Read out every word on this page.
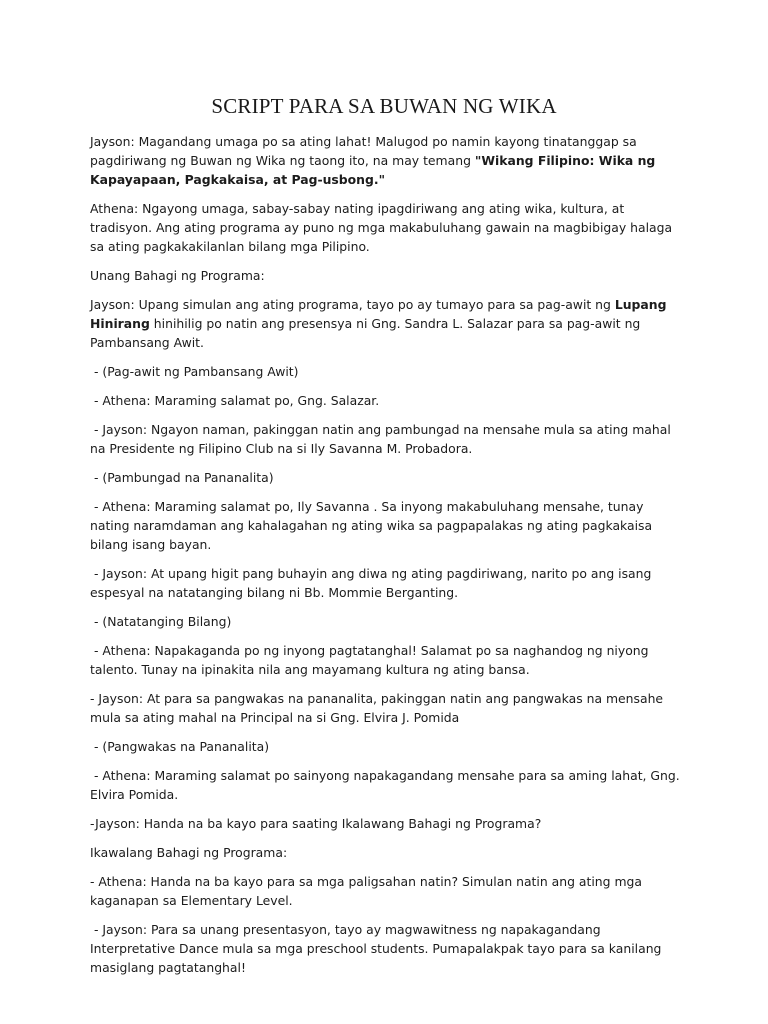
SCRIPT PARA SA BUWAN NG WIKA

Jayson: Magandang umaga po sa ating lahat! Malugod po namin kayong tinatanggap sa pagdiriwang ng Buwan ng Wika ng taong ito, na may temang "Wikang Filipino: Wika ng Kapayapaan, Pagkakaisa, at Pag-usbong."

Athena: Ngayong umaga, sabay-sabay nating ipagdiriwang ang ating wika, kultura, at tradisyon. Ang ating programa ay puno ng mga makabuluhang gawain na magbibigay halaga sa ating pagkakakilanlan bilang mga Pilipino.

Unang Bahagi ng Programa:

Jayson: Upang simulan ang ating programa, tayo po ay tumayo para sa pag-awit ng Lupang Hinirang hinihilig po natin ang presensya ni Gng. Sandra L. Salazar para sa pag-awit ng Pambansang Awit.

- (Pag-awit ng Pambansang Awit)

- Athena: Maraming salamat po, Gng. Salazar.

- Jayson: Ngayon naman, pakinggan natin ang pambungad na mensahe mula sa ating mahal na Presidente ng Filipino Club na si Ily Savanna M. Probadora.

- (Pambungad na Pananalita)

- Athena: Maraming salamat po, Ily Savanna . Sa inyong makabuluhang mensahe, tunay nating naramdaman ang kahalagahan ng ating wika sa pagpapalakas ng ating pagkakaisa bilang isang bayan.

- Jayson: At upang higit pang buhayin ang diwa ng ating pagdiriwang, narito po ang isang espesyal na natatanging bilang ni Bb. Mommie Berganting.

- (Natatanging Bilang)

- Athena: Napakaganda po ng inyong pagtatanghal! Salamat po sa naghandog ng niyong talento. Tunay na ipinakita nila ang mayamang kultura ng ating bansa.

- Jayson: At para sa pangwakas na pananalita, pakinggan natin ang pangwakas na mensahe mula sa ating mahal na Principal na si Gng. Elvira J. Pomida

- (Pangwakas na Pananalita)

- Athena: Maraming salamat po sainyong napakagandang mensahe para sa aming lahat, Gng. Elvira Pomida.

-Jayson: Handa na ba kayo para saating Ikalawang Bahagi ng Programa?

Ikawalang Bahagi ng Programa:

- Athena: Handa na ba kayo para sa mga paligsahan natin? Simulan natin ang ating mga kaganapan sa Elementary Level.

- Jayson: Para sa unang presentasyon, tayo ay magwawitness ng napakagandang Interpretative Dance mula sa mga preschool students. Pumapalakpak tayo para sa kanilang masiglang pagtatanghal!
